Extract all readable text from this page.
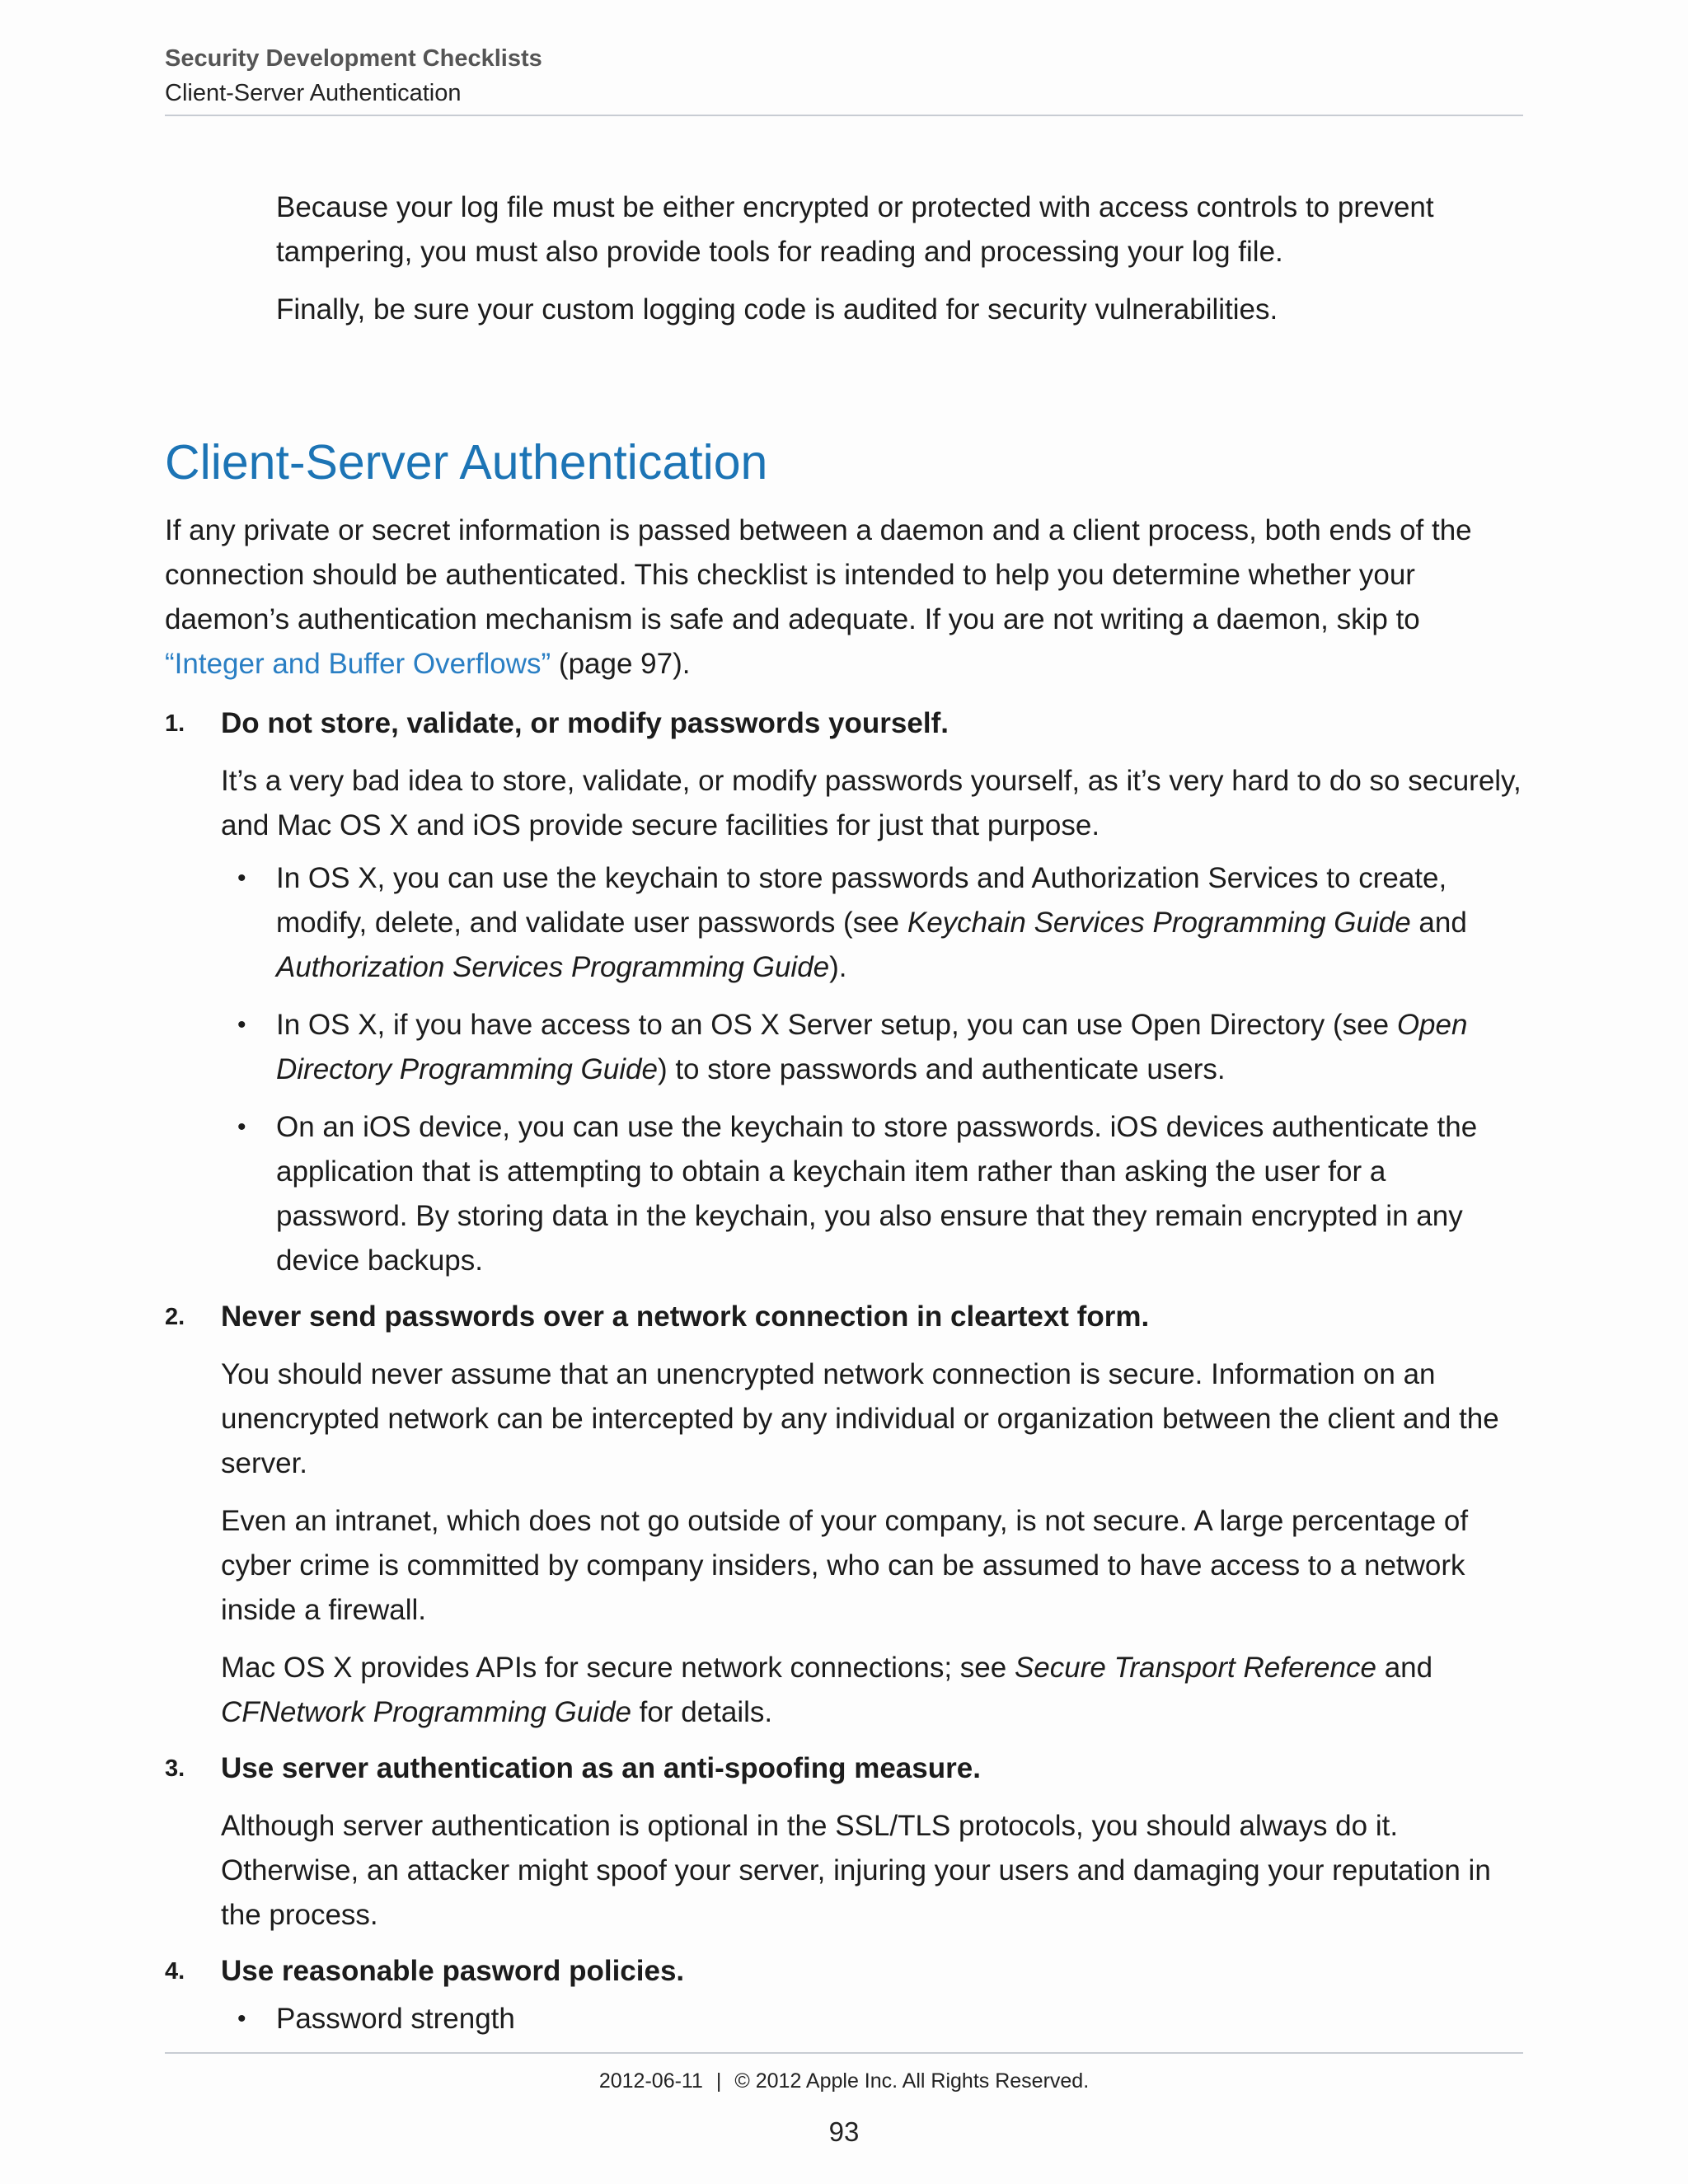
Security Development Checklists
Client-Server Authentication

Because your log file must be either encrypted or protected with access controls to prevent tampering, you must also provide tools for reading and processing your log file.

Finally, be sure your custom logging code is audited for security vulnerabilities.

Client-Server Authentication

If any private or secret information is passed between a daemon and a client process, both ends of the connection should be authenticated. This checklist is intended to help you determine whether your daemon’s authentication mechanism is safe and adequate. If you are not writing a daemon, skip to “Integer and Buffer Overflows” (page 97).

1.	Do not store, validate, or modify passwords yourself.

It’s a very bad idea to store, validate, or modify passwords yourself, as it’s very hard to do so securely, and Mac OS X and iOS provide secure facilities for just that purpose.

• In OS X, you can use the keychain to store passwords and Authorization Services to create, modify, delete, and validate user passwords (see Keychain Services Programming Guide and Authorization Services Programming Guide).
• In OS X, if you have access to an OS X Server setup, you can use Open Directory (see Open Directory Programming Guide) to store passwords and authenticate users.
• On an iOS device, you can use the keychain to store passwords. iOS devices authenticate the application that is attempting to obtain a keychain item rather than asking the user for a password. By storing data in the keychain, you also ensure that they remain encrypted in any device backups.
2.	Never send passwords over a network connection in cleartext form.

You should never assume that an unencrypted network connection is secure. Information on an unencrypted network can be intercepted by any individual or organization between the client and the server.

Even an intranet, which does not go outside of your company, is not secure. A large percentage of cyber crime is committed by company insiders, who can be assumed to have access to a network inside a firewall.

Mac OS X provides APIs for secure network connections; see Secure Transport Reference and CFNetwork Programming Guide for details.

3.	Use server authentication as an anti-spoofing measure.

Although server authentication is optional in the SSL/TLS protocols, you should always do it. Otherwise, an attacker might spoof your server, injuring your users and damaging your reputation in the process.

4.	Use reasonable pasword policies.
• Password strength
2012-06-11 | © 2012 Apple Inc. All Rights Reserved.
93
